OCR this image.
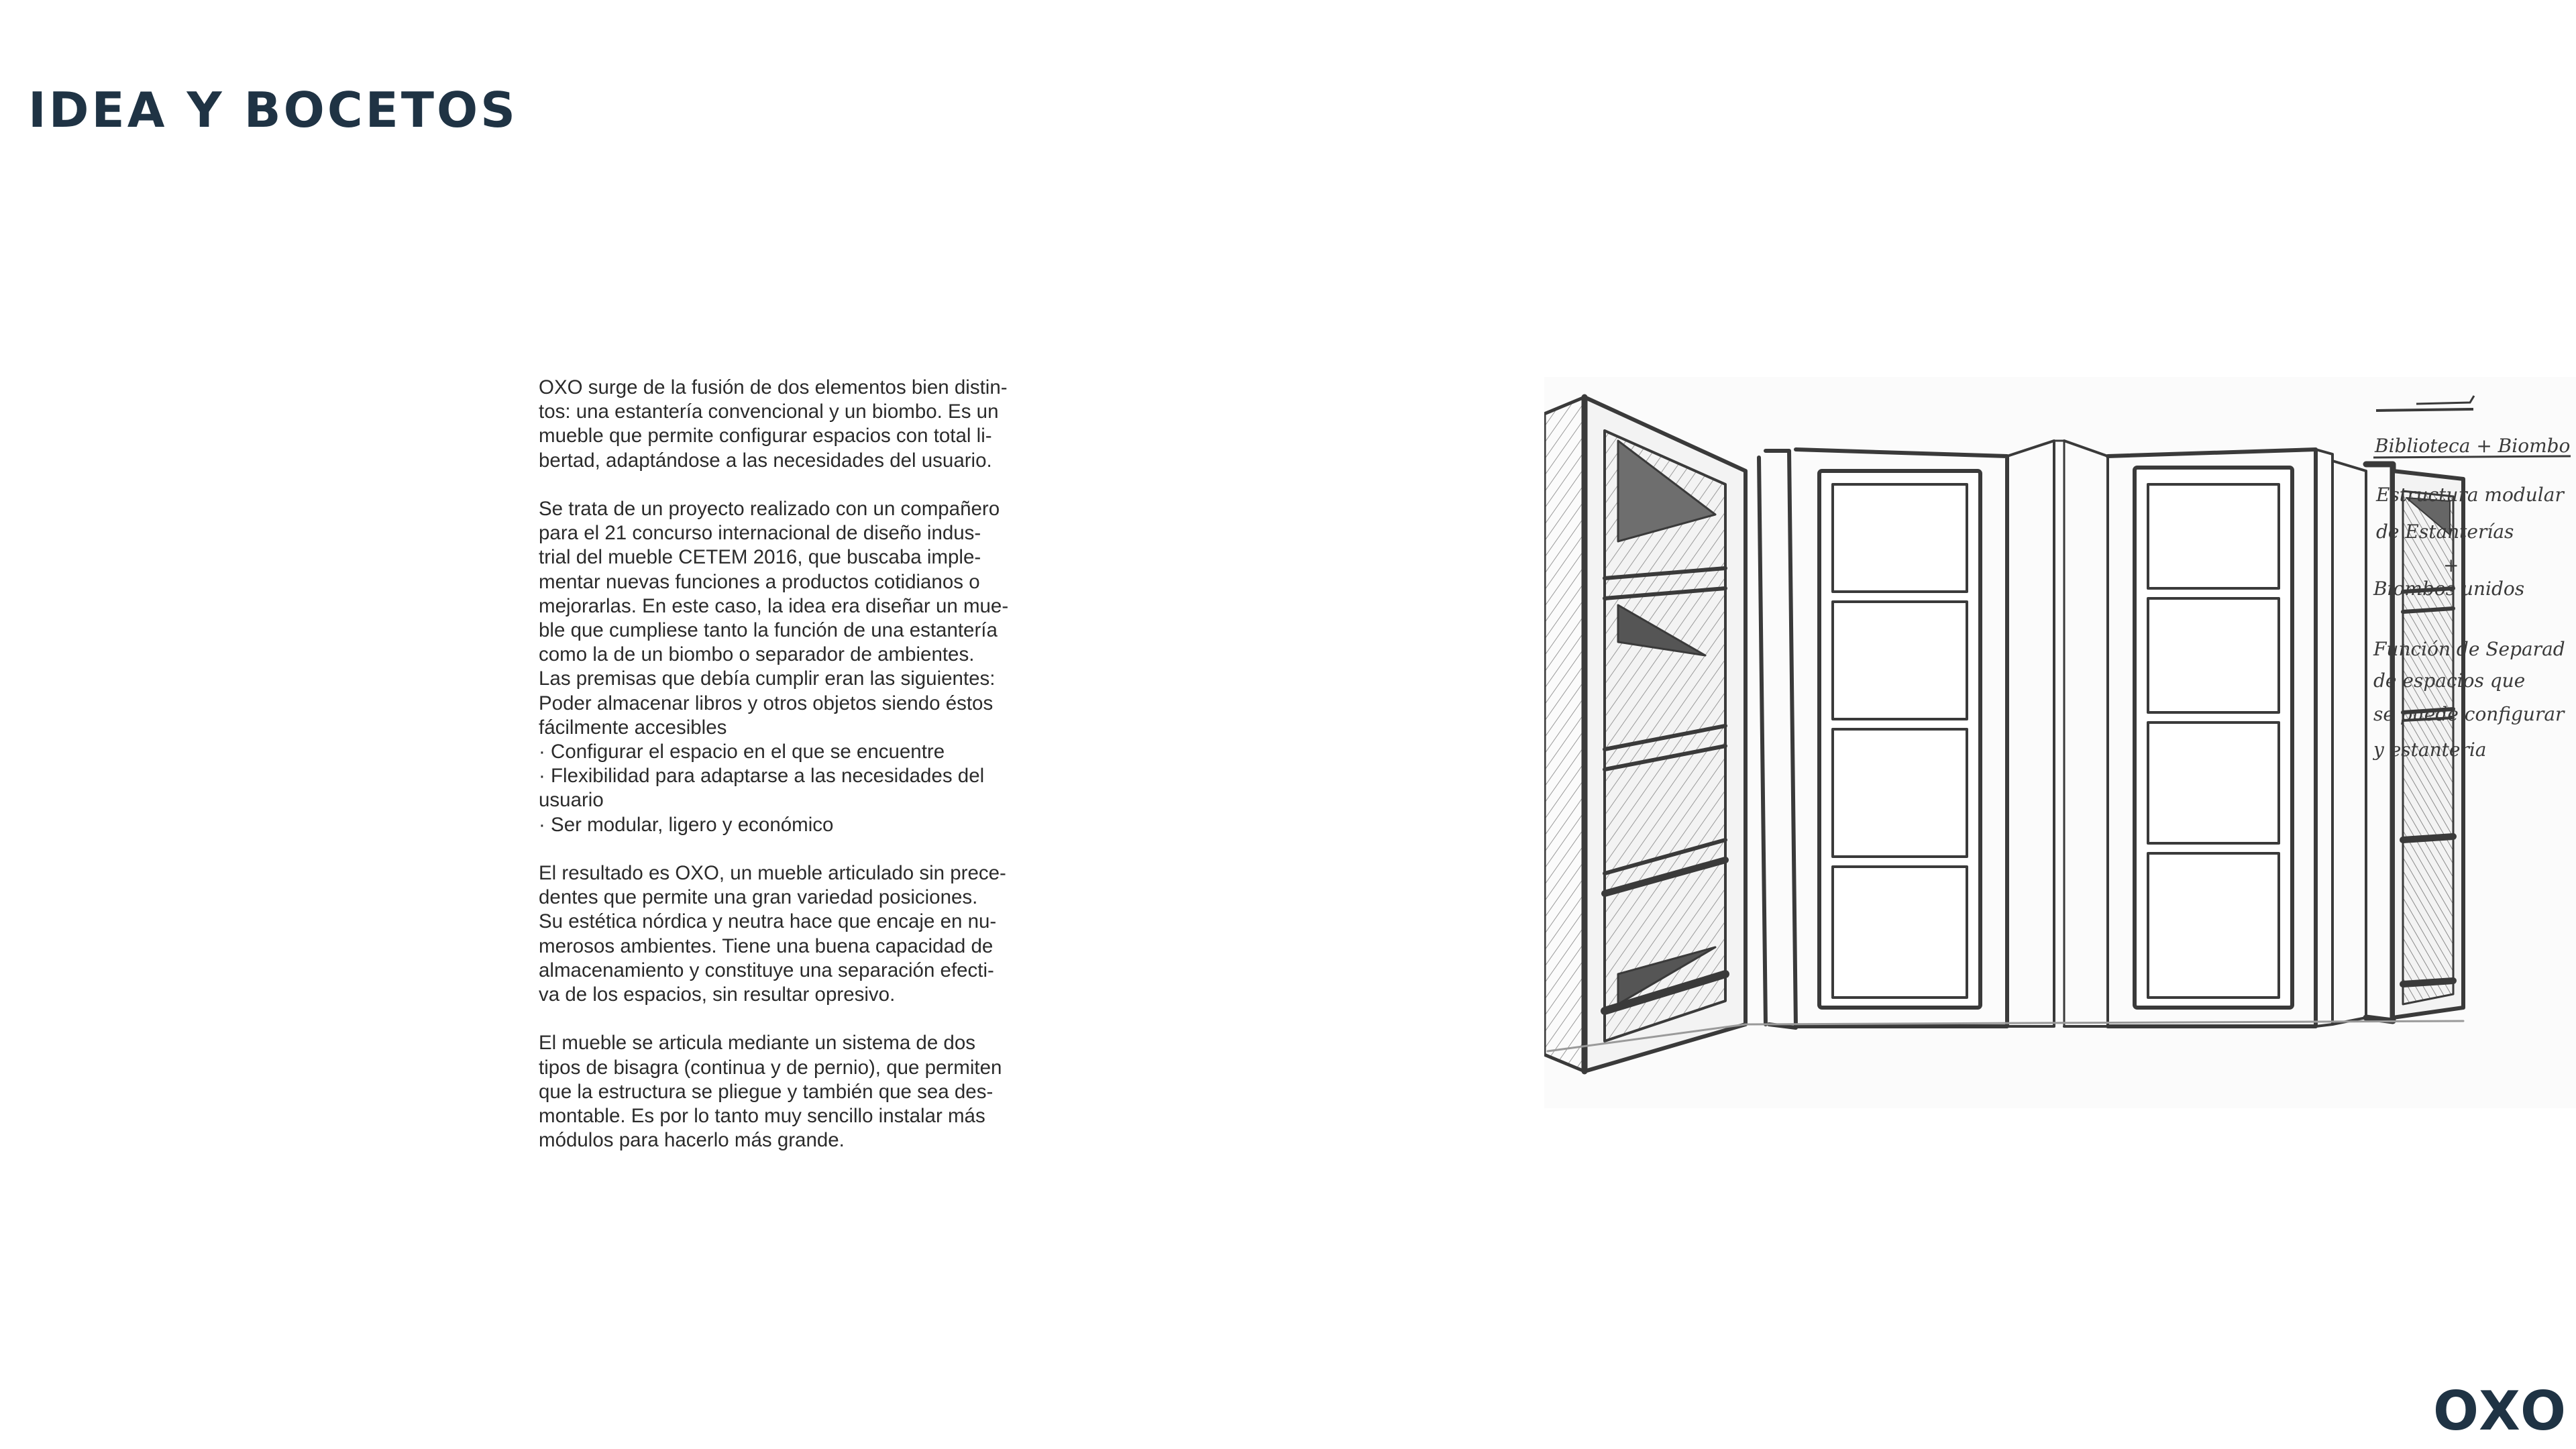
IDEA Y BOCETOS

OXO surge de la fusión de dos elementos bien distin-
tos: una estantería convencional y un biombo. Es un
mueble que permite configurar espacios con total li-
bertad, adaptándose a las necesidades del usuario.

Se trata de un proyecto realizado con un compañero
para el 21 concurso internacional de diseño indus-
trial del mueble CETEM 2016, que buscaba imple-
mentar nuevas funciones a productos cotidianos o
mejorarlas. En este caso, la idea era diseñar un mue-
ble que cumpliese tanto la función de una estantería
como la de un biombo o separador de ambientes.
Las premisas que debía cumplir eran las siguientes:
Poder almacenar libros y otros objetos siendo éstos
fácilmente accesibles
· Configurar el espacio en el que se encuentre
· Flexibilidad para adaptarse a las necesidades del
usuario
· Ser modular, ligero y económico

El resultado es OXO, un mueble articulado sin prece-
dentes que permite una gran variedad posiciones.
Su estética nórdica y neutra hace que encaje en nu-
merosos ambientes. Tiene una buena capacidad de
almacenamiento y constituye una separación efecti-
va de los espacios, sin resultar opresivo.

El mueble se articula mediante un sistema de dos
tipos de bisagra (continua y de pernio), que permiten
que la estructura se pliegue y también que sea des-
montable. Es por lo tanto muy sencillo instalar más
módulos para hacerlo más grande.

Biblioteca + Biombo
Estructura modular
de Estanterías
+
Biombos unidos
Función de Separad
de espacios que
se puede configurar
y estanteria
OXO
